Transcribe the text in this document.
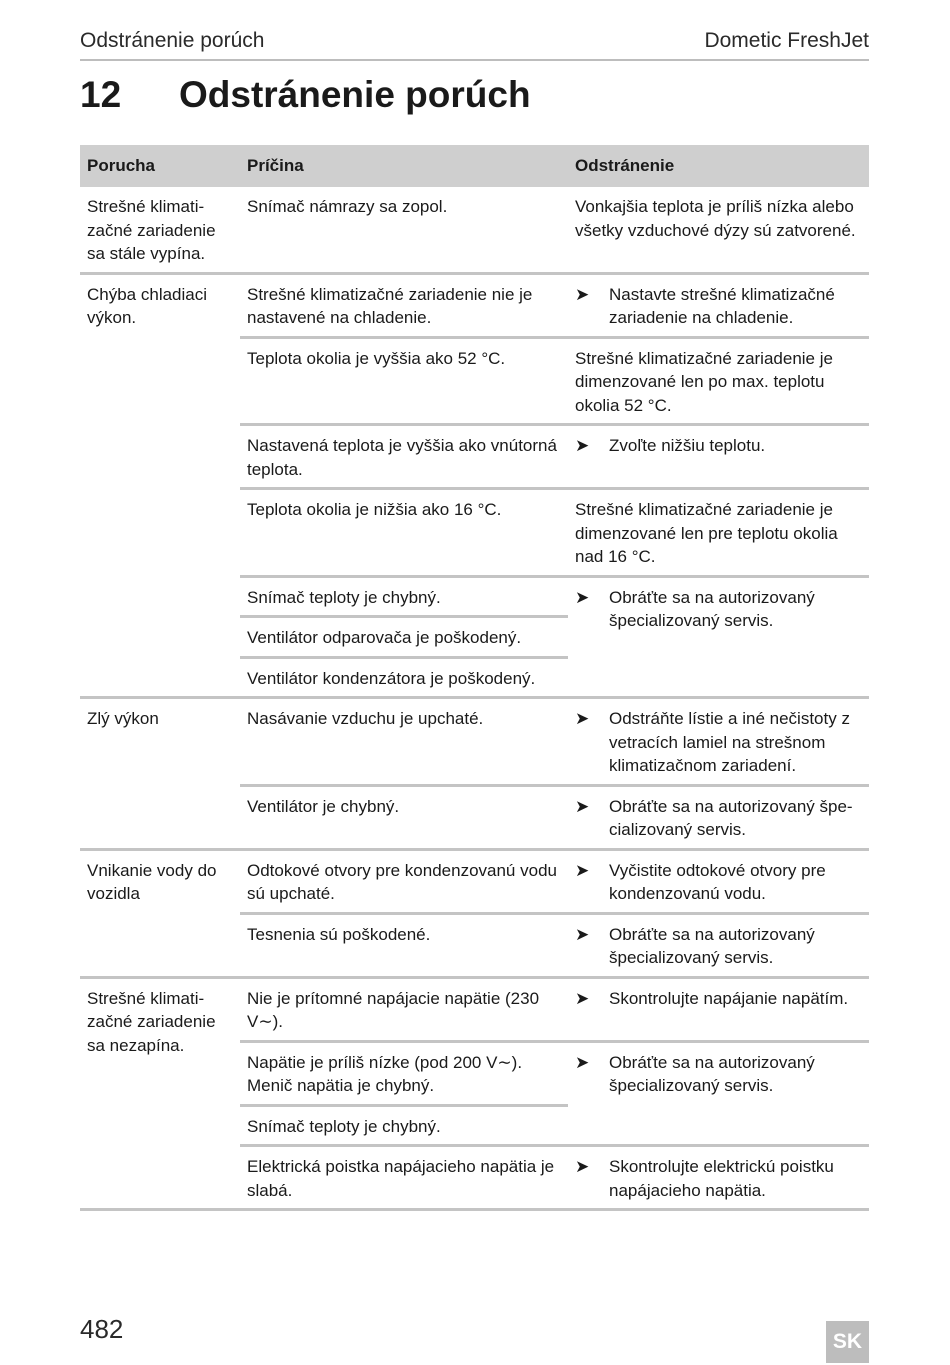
Odstránenie porúch	Dometic FreshJet
12 Odstránenie porúch
Porucha	Príčina	Odstránenie
Strešné klimati-začné zariadenie sa stále vypína.	Snímač námrazy sa zopol.	Vonkajšia teplota je príliš nízka alebo všetky vzduchové dýzy sú zatvorené.
Chýba chladiaci výkon.	Strešné klimatizačné zariadenie nie je nastavené na chladenie.	➤ Nastavte strešné klimatizačné zariadenie na chladenie.

	Teplota okolia je vyššia ako 52 °C.	Strešné klimatizačné zariadenie je dimenzované len po max. teplotu okolia 52 °C.
	Nastavená teplota je vyššia ako vnútorná teplota.	➤ Zvoľte nižšiu teplotu.

	Teplota okolia je nižšia ako 16 °C.	Strešné klimatizačné zariadenie je dimenzované len pre teplotu okolia nad 16 °C.
	Snímač teploty je chybný.	➤ Obráťte sa na autorizovaný špecializovaný servis.

	Ventilátor odparovača je poškodený.	
	Ventilátor kondenzátora je poškodený.	
Zlý výkon	Nasávanie vzduchu je upchaté.	➤ Odstráňte lístie a iné nečistoty z vetracích lamiel na strešnom klimatizačnom zariadení.

	Ventilátor je chybný.	➤ Obráťte sa na autorizovaný špe-cializovaný servis.

Vnikanie vody do vozidla	Odtokové otvory pre kondenzovanú vodu sú upchaté.	➤ Vyčistite odtokové otvory pre kondenzovanú vodu.

	Tesnenia sú poškodené.	➤ Obráťte sa na autorizovaný špecializovaný servis.

Strešné klimati-začné zariadenie sa nezapína.	Nie je prítomné napájacie napätie (230 V∼).	➤ Skontrolujte napájanie napätím.

	Napätie je príliš nízke (pod 200 V∼). Menič napätia je chybný.	➤ Obráťte sa na autorizovaný špecializovaný servis.

	Snímač teploty je chybný.	
	Elektrická poistka napájacieho napätia je slabá.	➤ Skontrolujte elektrickú poistku napájacieho napätia.
482	SK
